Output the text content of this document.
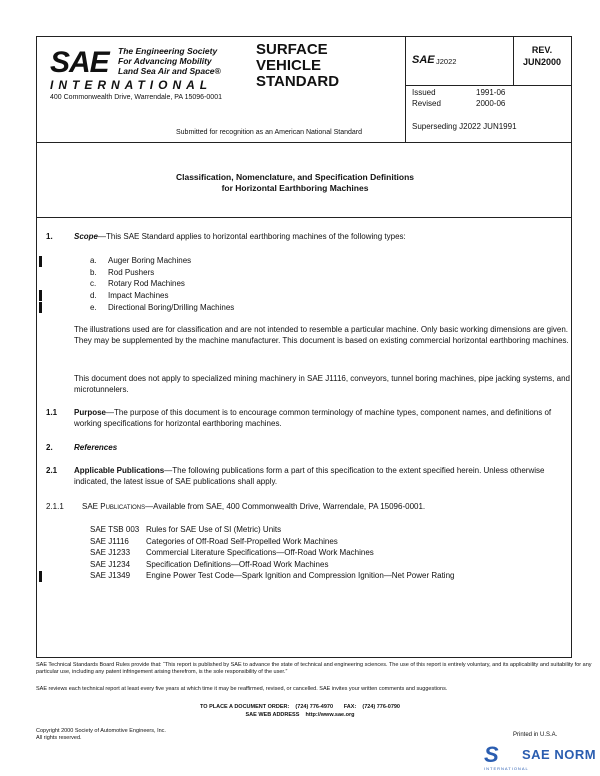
SAE The Engineering Society
For Advancing Mobility
Land Sea Air and Space®
INTERNATIONAL
400 Commonwealth Drive, Warrendale, PA 15096-0001
Submitted for recognition as an American National Standard
SURFACE
VEHICLE
STANDARD
SAE J2022
REV.
JUN2000
Issued	1991-06
Revised	2000-06
Superseding J2022 JUN1991
Classification, Nomenclature, and Specification Definitions
for Horizontal Earthboring Machines
1.	Scope—This SAE Standard applies to horizontal earthboring machines of the following types:
a. Auger Boring Machines
b. Rod Pushers
c. Rotary Rod Machines
d. Impact Machines
e. Directional Boring/Drilling Machines
The illustrations used are for classification and are not intended to resemble a particular machine. Only basic working dimensions are given. They may be supplemented by the machine manufacturer. This document is based on existing commercial horizontal earthboring machines.
This document does not apply to specialized mining machinery in SAE J1116, conveyors, tunnel boring machines, pipe jacking systems, and microtunnelers.
1.1 Purpose—The purpose of this document is to encourage common terminology of machine types, component names, and definitions of working specifications for horizontal earthboring machines.
2.	References
2.1 Applicable Publications—The following publications form a part of this specification to the extent specified herein. Unless otherwise indicated, the latest issue of SAE publications shall apply.
2.1.1 SAE Publications—Available from SAE, 400 Commonwealth Drive, Warrendale, PA 15096-0001.
SAE TSB 003 Rules for SAE Use of SI (Metric) Units
SAE J1116 Categories of Off-Road Self-Propelled Work Machines
SAE J1233 Commercial Literature Specifications—Off-Road Work Machines
SAE J1234 Specification Definitions—Off-Road Work Machines
SAE J1349 Engine Power Test Code—Spark Ignition and Compression Ignition—Net Power Rating
SAE Technical Standards Board Rules provide that: “This report is published by SAE to advance the state of technical and engineering sciences. The use of this report is entirely voluntary, and its applicability and suitability for any particular use, including any patent infringement arising therefrom, is the sole responsibility of the user.”
SAE reviews each technical report at least every five years at which time it may be reaffirmed, revised, or cancelled. SAE invites your written comments and suggestions.
TO PLACE A DOCUMENT ORDER:    (724) 776-4970       FAX:    (724) 776-0790
SAE WEB ADDRESS    http://www.sae.org
Copyright 2000 Society of Automotive Engineers, Inc.
All rights reserved.	Printed in U.S.A.
S SAE NORM
INTERNATIONAL
